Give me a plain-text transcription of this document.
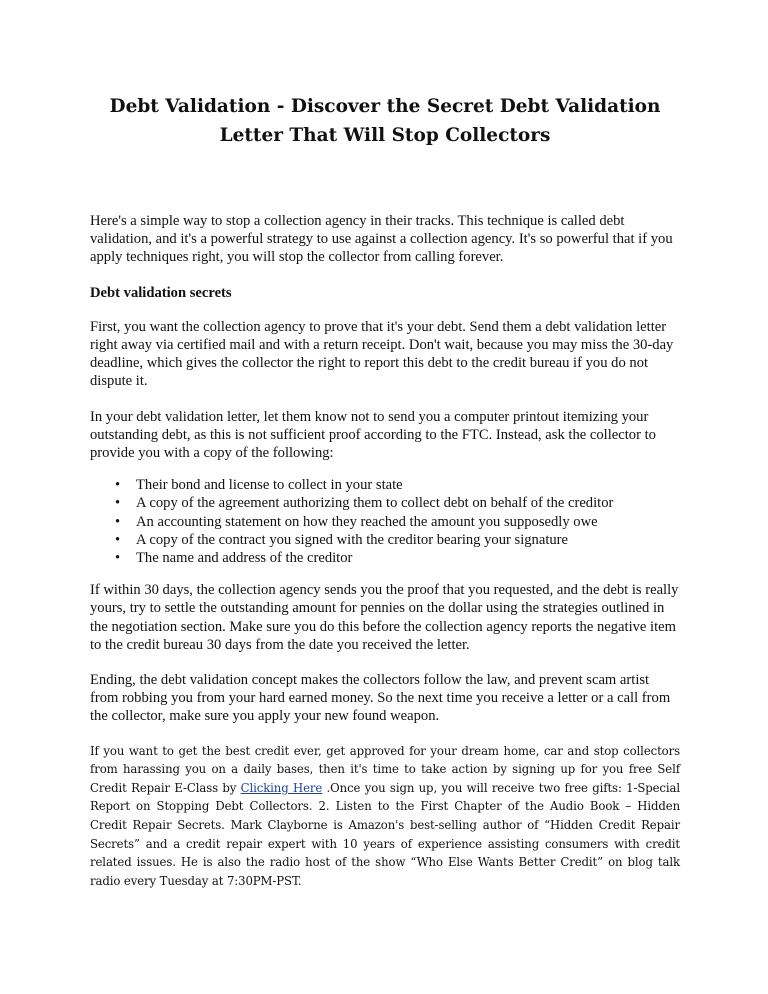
Debt Validation - Discover the Secret Debt Validation
Letter That Will Stop Collectors

Here's a simple way to stop a collection agency in their tracks. This technique is called debt validation, and it's a powerful strategy to use against a collection agency. It's so powerful that if you apply techniques right, you will stop the collector from calling forever.

Debt validation secrets

First, you want the collection agency to prove that it's your debt. Send them a debt validation letter right away via certified mail and with a return receipt. Don't wait, because you may miss the 30-day deadline, which gives the collector the right to report this debt to the credit bureau if you do not dispute it.

In your debt validation letter, let them know not to send you a computer printout itemizing your outstanding debt, as this is not sufficient proof according to the FTC. Instead, ask the collector to provide you with a copy of the following:

• Their bond and license to collect in your state
• A copy of the agreement authorizing them to collect debt on behalf of the creditor
• An accounting statement on how they reached the amount you supposedly owe
• A copy of the contract you signed with the creditor bearing your signature
• The name and address of the creditor

If within 30 days, the collection agency sends you the proof that you requested, and the debt is really yours, try to settle the outstanding amount for pennies on the dollar using the strategies outlined in the negotiation section. Make sure you do this before the collection agency reports the negative item to the credit bureau 30 days from the date you received the letter.

Ending, the debt validation concept makes the collectors follow the law, and prevent scam artist from robbing you from your hard earned money. So the next time you receive a letter or a call from the collector, make sure you apply your new found weapon.

If you want to get the best credit ever, get approved for your dream home, car and stop collectors from harassing you on a daily bases, then it's time to take action by signing up for you free Self Credit Repair E-Class by Clicking Here .Once you sign up, you will receive two free gifts: 1-Special Report on Stopping Debt Collectors. 2. Listen to the First Chapter of the Audio Book – Hidden Credit Repair Secrets. Mark Clayborne is Amazon's best-selling author of “Hidden Credit Repair Secrets” and a credit repair expert with 10 years of experience assisting consumers with credit related issues. He is also the radio host of the show “Who Else Wants Better Credit” on blog talk radio every Tuesday at 7:30PM-PST.
